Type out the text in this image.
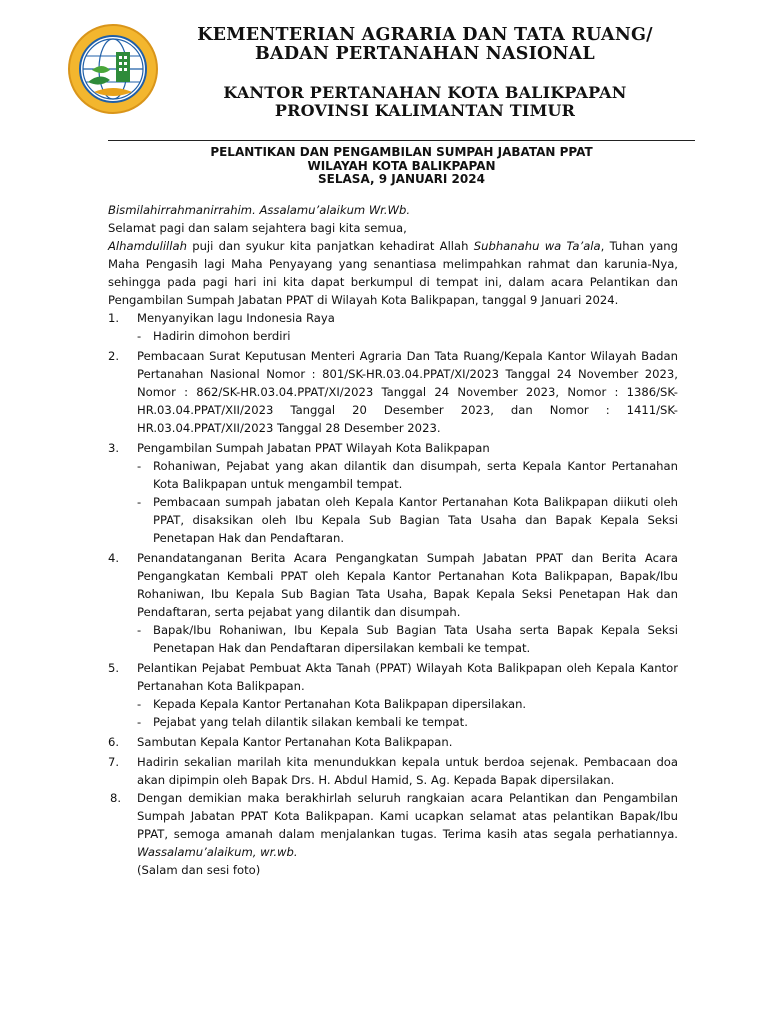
KEMENTERIAN AGRARIA DAN TATA RUANG/
BADAN PERTANAHAN NASIONAL
KANTOR PERTANAHAN KOTA BALIKPAPAN
PROVINSI KALIMANTAN TIMUR
PELANTIKAN DAN PENGAMBILAN SUMPAH JABATAN PPAT
WILAYAH KOTA BALIKPAPAN
SELASA, 9 JANUARI 2024

Bismilahirrahmanirrahim. Assalamu’alaikum Wr.Wb.

Selamat pagi dan salam sejahtera bagi kita semua,

Alhamdulillah puji dan syukur kita panjatkan kehadirat Allah Subhanahu wa Ta’ala, Tuhan yang Maha Pengasih lagi Maha Penyayang yang senantiasa melimpahkan rahmat dan karunia-Nya, sehingga pada pagi hari ini kita dapat berkumpul di tempat ini, dalam acara Pelantikan dan Pengambilan Sumpah Jabatan PPAT di Wilayah Kota Balikpapan, tanggal 9 Januari 2024.

1.	Menyanyikan lagu Indonesia Raya
-	Hadirin dimohon berdiri
2.	Pembacaan Surat Keputusan Menteri Agraria Dan Tata Ruang/Kepala Kantor Wilayah Badan Pertanahan Nasional Nomor : 801/SK-HR.03.04.PPAT/XI/2023 Tanggal 24 November 2023, Nomor : 862/SK-HR.03.04.PPAT/XI/2023 Tanggal 24 November 2023, Nomor : 1386/SK-HR.03.04.PPAT/XII/2023 Tanggal 20 Desember 2023, dan Nomor : 1411/SK-HR.03.04.PPAT/XII/2023 Tanggal 28 Desember 2023.
3.	Pengambilan Sumpah Jabatan PPAT Wilayah Kota Balikpapan
-	Rohaniwan, Pejabat yang akan dilantik dan disumpah, serta Kepala Kantor Pertanahan Kota Balikpapan untuk mengambil tempat.
-	Pembacaan sumpah jabatan oleh Kepala Kantor Pertanahan Kota Balikpapan diikuti oleh PPAT, disaksikan oleh Ibu Kepala Sub Bagian Tata Usaha dan Bapak Kepala Seksi Penetapan Hak dan Pendaftaran.
4.	Penandatanganan Berita Acara Pengangkatan Sumpah Jabatan PPAT dan Berita Acara Pengangkatan Kembali PPAT oleh Kepala Kantor Pertanahan Kota Balikpapan, Bapak/Ibu Rohaniwan, Ibu Kepala Sub Bagian Tata Usaha, Bapak Kepala Seksi Penetapan Hak dan Pendaftaran, serta pejabat yang dilantik dan disumpah.
-	Bapak/Ibu Rohaniwan, Ibu Kepala Sub Bagian Tata Usaha serta Bapak Kepala Seksi Penetapan Hak dan Pendaftaran dipersilakan kembali ke tempat.
5.	Pelantikan Pejabat Pembuat Akta Tanah (PPAT) Wilayah Kota Balikpapan oleh Kepala Kantor Pertanahan Kota Balikpapan.
-	Kepada Kepala Kantor Pertanahan Kota Balikpapan dipersilakan.
-	Pejabat yang telah dilantik silakan kembali ke tempat.
6.	Sambutan Kepala Kantor Pertanahan Kota Balikpapan.
7.	Hadirin sekalian marilah kita menundukkan kepala untuk berdoa sejenak. Pembacaan doa akan dipimpin oleh Bapak Drs. H. Abdul Hamid, S. Ag. Kepada Bapak dipersilakan.
8.	Dengan demikian maka berakhirlah seluruh rangkaian acara Pelantikan dan Pengambilan Sumpah Jabatan PPAT Kota Balikpapan. Kami ucapkan selamat atas pelantikan Bapak/Ibu PPAT, semoga amanah dalam menjalankan tugas. Terima kasih atas segala perhatiannya. Wassalamu’alaikum, wr.wb.
(Salam dan sesi foto)
